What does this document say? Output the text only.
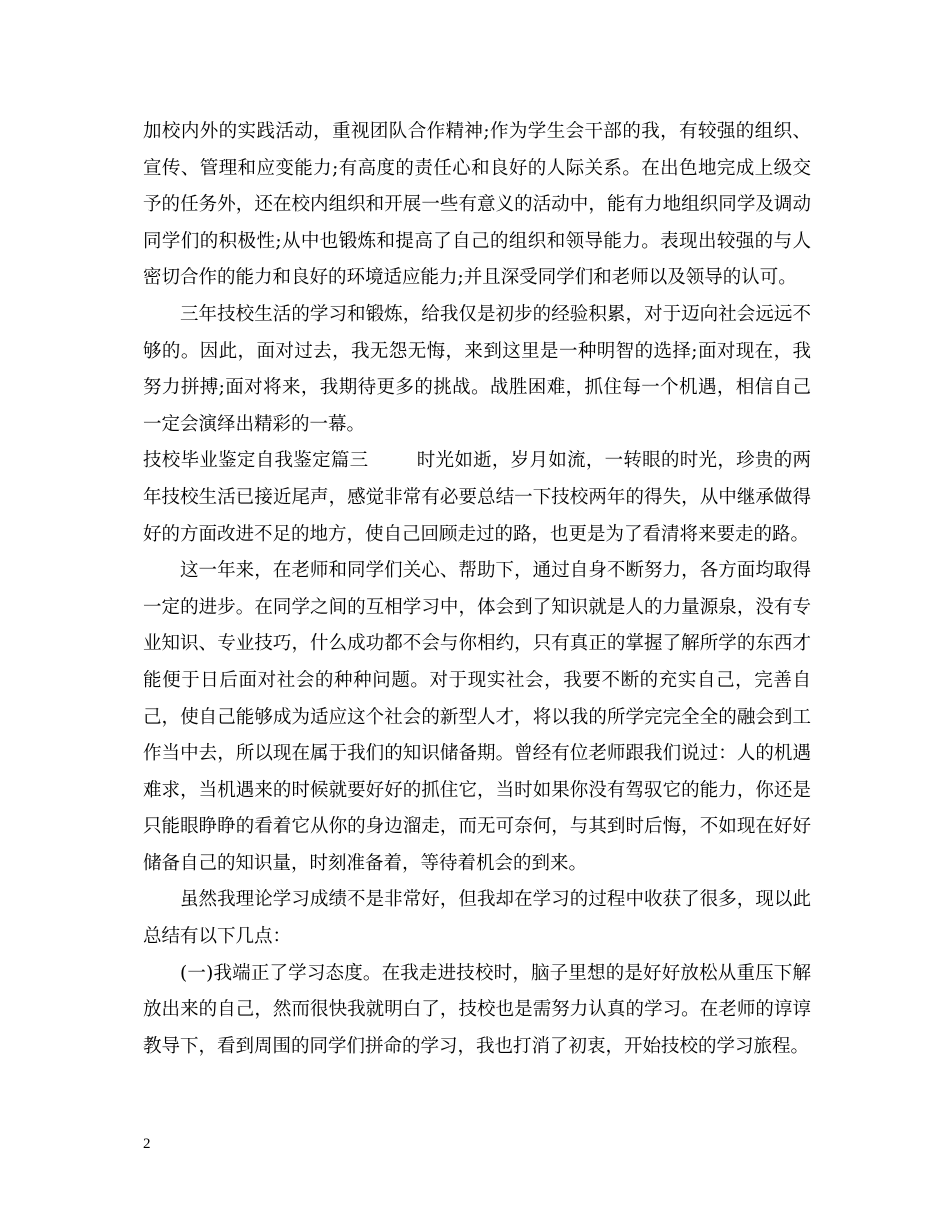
加校内外的实践活动，重视团队合作精神;作为学生会干部的我，有较强的组织、宣传、管理和应变能力;有高度的责任心和良好的人际关系。在出色地完成上级交予的任务外，还在校内组织和开展一些有意义的活动中，能有力地组织同学及调动同学们的积极性;从中也锻炼和提高了自己的组织和领导能力。表现出较强的与人密切合作的能力和良好的环境适应能力;并且深受同学们和老师以及领导的认可。

三年技校生活的学习和锻炼，给我仅是初步的经验积累，对于迈向社会远远不够的。因此，面对过去，我无怨无悔，来到这里是一种明智的选择;面对现在，我努力拼搏;面对将来，我期待更多的挑战。战胜困难，抓住每一个机遇，相信自己一定会演绎出精彩的一幕。

技校毕业鉴定自我鉴定篇三	时光如逝，岁月如流，一转眼的时光，珍贵的两年技校生活已接近尾声，感觉非常有必要总结一下技校两年的得失，从中继承做得好的方面改进不足的地方，使自己回顾走过的路，也更是为了看清将来要走的路。

这一年来，在老师和同学们关心、帮助下，通过自身不断努力，各方面均取得一定的进步。在同学之间的互相学习中，体会到了知识就是人的力量源泉，没有专业知识、专业技巧，什么成功都不会与你相约，只有真正的掌握了解所学的东西才能便于日后面对社会的种种问题。对于现实社会，我要不断的充实自己，完善自己，使自己能够成为适应这个社会的新型人才，将以我的所学完完全全的融会到工作当中去，所以现在属于我们的知识储备期。曾经有位老师跟我们说过：人的机遇难求，当机遇来的时候就要好好的抓住它，当时如果你没有驾驭它的能力，你还是只能眼睁睁的看着它从你的身边溜走，而无可奈何，与其到时后悔，不如现在好好储备自己的知识量，时刻准备着，等待着机会的到来。

虽然我理论学习成绩不是非常好，但我却在学习的过程中收获了很多，现以此总结有以下几点：

(一)我端正了学习态度。在我走进技校时，脑子里想的是好好放松从重压下解放出来的自己，然而很快我就明白了，技校也是需努力认真的学习。在老师的谆谆教导下，看到周围的同学们拼命的学习，我也打消了初衷，开始技校的学习旅程。

2
